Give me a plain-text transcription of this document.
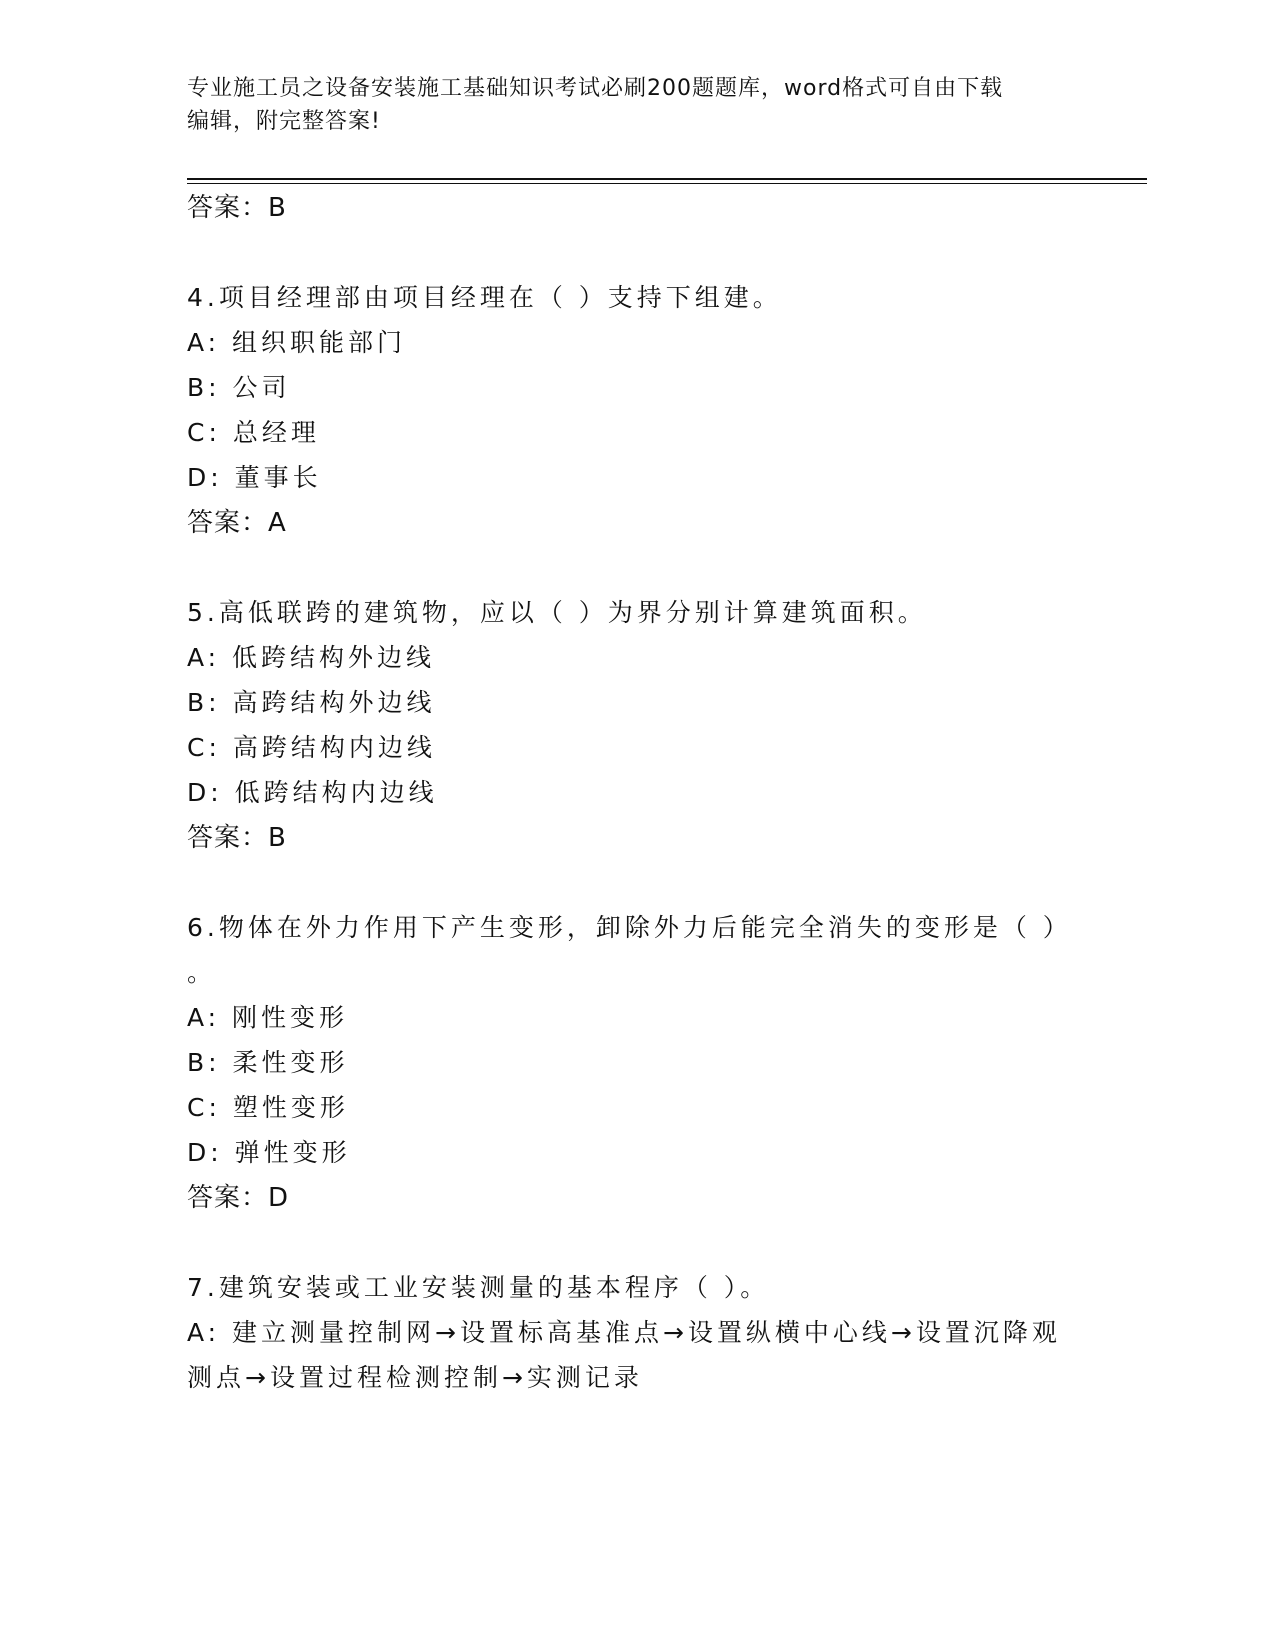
专业施工员之设备安装施工基础知识考试必刷200题题库，word格式可自由下载
编辑，附完整答案!
答案：B
4.项目经理部由项目经理在（ ）支持下组建。
A: 组织职能部门
B: 公司
C: 总经理
D: 董事长
答案：A
5.高低联跨的建筑物，应以（ ）为界分别计算建筑面积。
A: 低跨结构外边线
B: 高跨结构外边线
C: 高跨结构内边线
D: 低跨结构内边线
答案：B
6.物体在外力作用下产生变形，卸除外力后能完全消失的变形是（ ）
。
A: 刚性变形
B: 柔性变形
C: 塑性变形
D: 弹性变形
答案：D
7.建筑安装或工业安装测量的基本程序（ ）。
A: 建立测量控制网→设置标高基准点→设置纵横中心线→设置沉降观
测点→设置过程检测控制→实测记录
